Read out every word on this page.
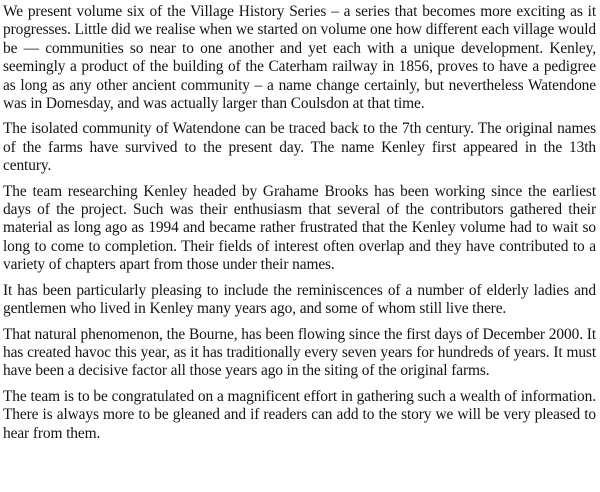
We present volume six of the Village History Series – a series that becomes more exciting as it progresses. Little did we realise when we started on volume one how different each village would be — communities so near to one another and yet each with a unique development. Kenley, seemingly a product of the building of the Caterham railway in 1856, proves to have a pedigree as long as any other ancient community – a name change certainly, but nevertheless Watendone was in Domesday, and was actually larger than Coulsdon at that time.

The isolated community of Watendone can be traced back to the 7th century. The original names of the farms have survived to the present day. The name Kenley first appeared in the 13th century.

The team researching Kenley headed by Grahame Brooks has been working since the earliest days of the project. Such was their enthusiasm that several of the contributors gathered their material as long ago as 1994 and became rather frustrated that the Kenley volume had to wait so long to come to completion. Their fields of interest often overlap and they have contributed to a variety of chapters apart from those under their names.

It has been particularly pleasing to include the reminiscences of a number of elderly ladies and gentlemen who lived in Kenley many years ago, and some of whom still live there.

That natural phenomenon, the Bourne, has been flowing since the first days of December 2000. It has created havoc this year, as it has traditionally every seven years for hundreds of years. It must have been a decisive factor all those years ago in the siting of the original farms.

The team is to be congratulated on a magnificent effort in gathering such a wealth of information. There is always more to be gleaned and if readers can add to the story we will be very pleased to hear from them.
